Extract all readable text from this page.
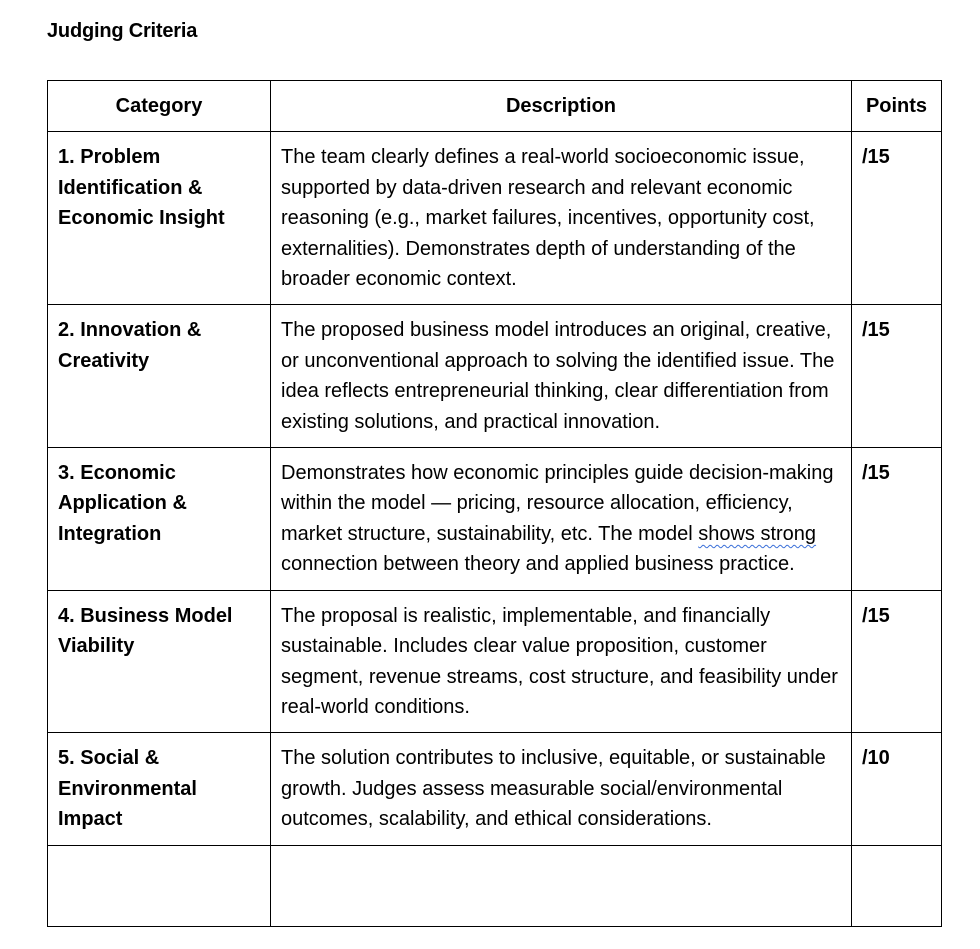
Judging Criteria
Category	Description	Points
1. Problem Identification & Economic Insight	The team clearly defines a real-world socioeconomic issue, supported by data-driven research and relevant economic reasoning (e.g., market failures, incentives, opportunity cost, externalities). Demonstrates depth of understanding of the broader economic context.	/15
2. Innovation & Creativity	The proposed business model introduces an original, creative, or unconventional approach to solving the identified issue. The idea reflects entrepreneurial thinking, clear differentiation from existing solutions, and practical innovation.	/15
3. Economic Application & Integration	Demonstrates how economic principles guide decision-making within the model — pricing, resource allocation, efficiency, market structure, sustainability, etc. The model shows strong connection between theory and applied business practice.	/15
4. Business Model Viability	The proposal is realistic, implementable, and financially sustainable. Includes clear value proposition, customer segment, revenue streams, cost structure, and feasibility under real-world conditions.	/15
5. Social & Environmental Impact	The solution contributes to inclusive, equitable, or sustainable growth. Judges assess measurable social/environmental outcomes, scalability, and ethical considerations.	/10
